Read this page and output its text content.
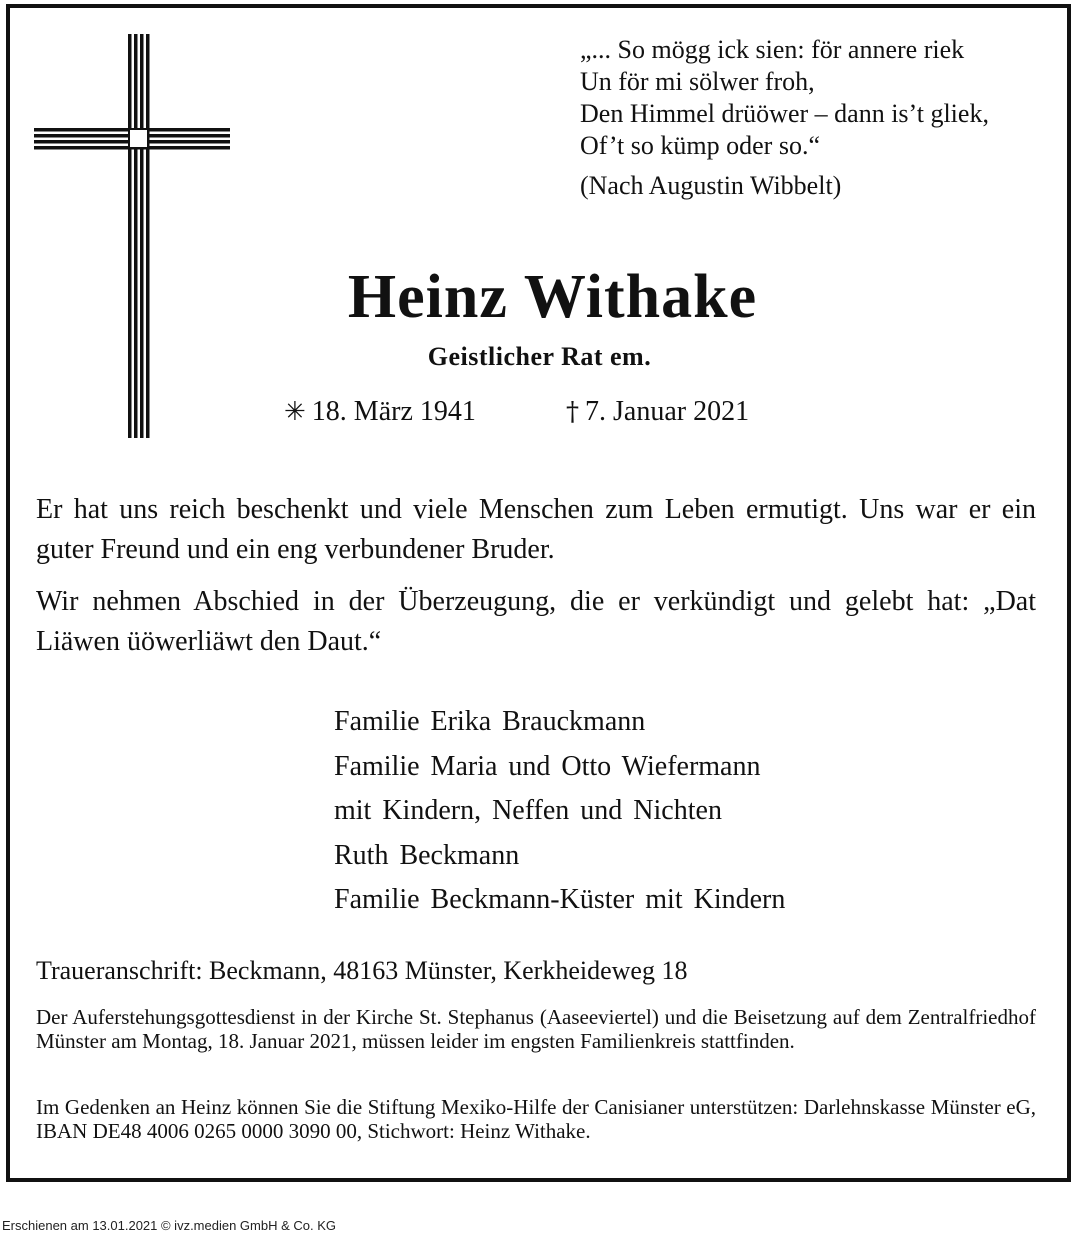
„... So mögg ick sien: för annere riek
Un för mi sölwer froh,
Den Himmel drüöwer – dann is’t gliek,
Of’t so kümp oder so.“
(Nach Augustin Wibbelt)
Heinz Withake
Geistlicher Rat em.
✳ 18. März 1941	† 7. Januar 2021
Er hat uns reich beschenkt und viele Menschen zum Leben ermutigt. Uns war er ein guter Freund und ein eng verbundener Bruder.
Wir nehmen Abschied in der Überzeugung, die er verkündigt und gelebt hat: „Dat Liäwen üöwerliäwt den Daut.“
Familie Erika Brauckmann
Familie Maria und Otto Wiefermann
mit Kindern, Neffen und Nichten
Ruth Beckmann
Familie Beckmann-Küster mit Kindern
Traueranschrift: Beckmann, 48163 Münster, Kerkheideweg 18
Der Auferstehungsgottesdienst in der Kirche St. Stephanus (Aaseeviertel) und die Beisetzung auf dem Zentralfriedhof Münster am Montag, 18. Januar 2021, müssen leider im engsten Familienkreis stattfinden.
Im Gedenken an Heinz können Sie die Stiftung Mexiko-Hilfe der Canisianer unterstützen: Darlehnskasse Münster eG, IBAN DE48 4006 0265 0000 3090 00, Stichwort: Heinz Withake.
Erschienen am 13.01.2021 © ivz.medien GmbH & Co. KG
